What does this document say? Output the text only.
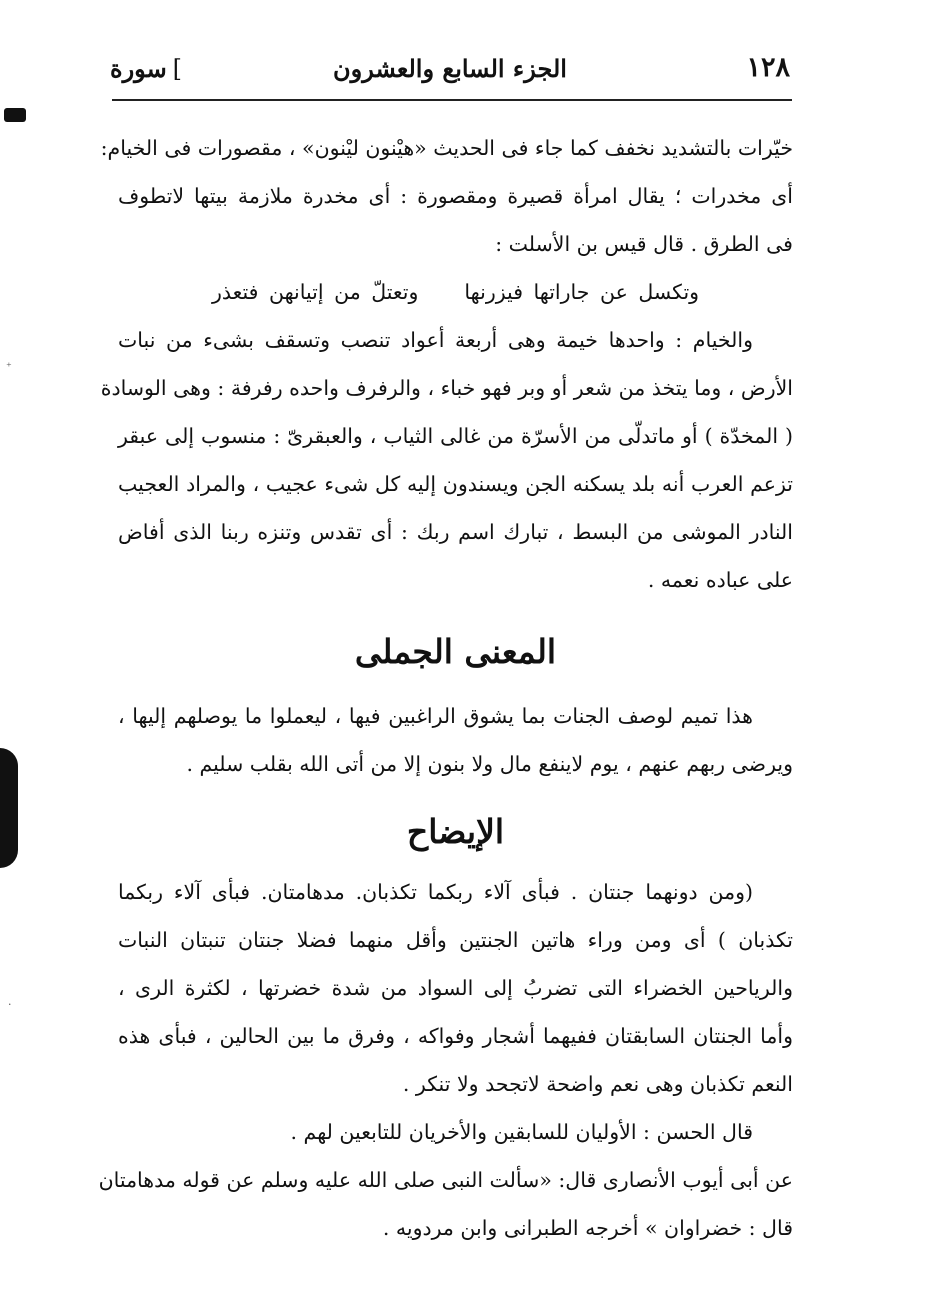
١٢٨
الجزء السابع والعشرون
]سورة
خيّرات بالتشديد نخفف كما جاء فى الحديث «هيْنون ليْنون» ، مقصورات فى الخيام:
أى مخدرات ؛ يقال امرأة قصيرة ومقصورة : أى مخدرة ملازمة بيتها لاتطوف
فى الطرق . قال قيس بن الأسلت :
وتكسل عن جاراتها فيزرنهاوتعتلّ من إتيانهن فتعذر
والخيام : واحدها خيمة وهى أربعة أعواد تنصب وتسقف بشىء من نبات
الأرض ، وما يتخذ من شعر أو وبر فهو خباء ، والرفرف واحده رفرفة : وهى الوسادة
( المخدّة ) أو ماتدلّى من الأسرّة من غالى الثياب ، والعبقرىّ : منسوب إلى عبقر
تزعم العرب أنه بلد يسكنه الجن ويسندون إليه كل شىء عجيب ، والمراد العجيب
النادر الموشى من البسط ، تبارك اسم ربك : أى تقدس وتنزه ربنا الذى أفاض
على عباده نعمه .
المعنى الجملى
هذا تميم لوصف الجنات بما يشوق الراغبين فيها ، ليعملوا ما يوصلهم إليها ،
ويرضى ربهم عنهم ، يوم لاينفع مال ولا بنون إلا من أتى الله بقلب سليم .
الإيضاح
(ومن دونهما جنتان . فبأى آلاء ربكما تكذبان. مدهامتان. فبأى آلاء ربكما
تكذبان ) أى ومن وراء هاتين الجنتين وأقل منهما فضلا جنتان تنبتان النبات
والرياحين الخضراء التى تضربُ إلى السواد من شدة خضرتها ، لكثرة الرى ،
وأما الجنتان السابقتان ففيهما أشجار وفواكه ، وفرق ما بين الحالين ، فبأى هذه
النعم تكذبان وهى نعم واضحة لاتجحد ولا تنكر .
قال الحسن : الأوليان للسابقين والأخريان للتابعين لهم .
عن أبى أيوب الأنصارى قال: «سألت النبى صلى الله عليه وسلم عن قوله مدهامتان
قال : خضراوان » أخرجه الطبرانى وابن مردويه .
⁺
·
